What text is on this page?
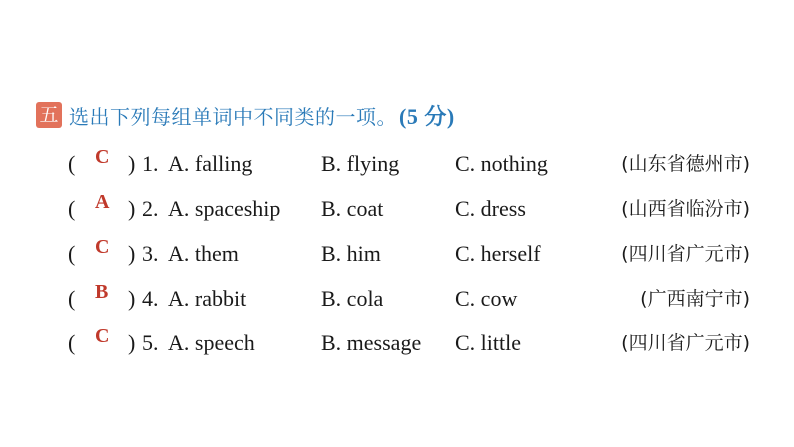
五 选出下列每组单词中不同类的一项。(5 分)
( C ) 1. A. falling	B. flying	C. nothing	(山东省德州市)
( A ) 2. A. spaceship B. coat	C. dress	(山西省临汾市)
( C ) 3. A. them	B. him	C. herself	(四川省广元市)
( B ) 4. A. rabbit	B. cola	C. cow	(广西南宁市)
( C ) 5. A. speech	B. message C. little	(四川省广元市)
